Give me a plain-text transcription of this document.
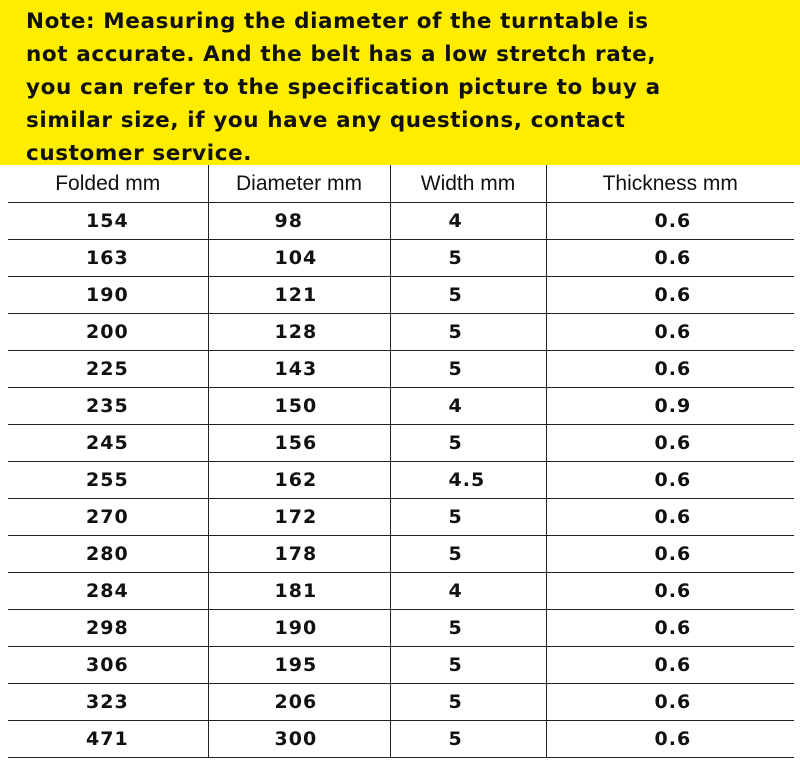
Note: Measuring the diameter of the turntable is
not accurate. And the belt has a low stretch rate,
you can refer to the specification picture to buy a
similar size, if you have any questions, contact
customer service.
Folded mm	Diameter mm	Width mm	Thickness mm
154	98	4	0.6
163	104	5	0.6
190	121	5	0.6
200	128	5	0.6
225	143	5	0.6
235	150	4	0.9
245	156	5	0.6
255	162	4.5	0.6
270	172	5	0.6
280	178	5	0.6
284	181	4	0.6
298	190	5	0.6
306	195	5	0.6
323	206	5	0.6
471	300	5	0.6
